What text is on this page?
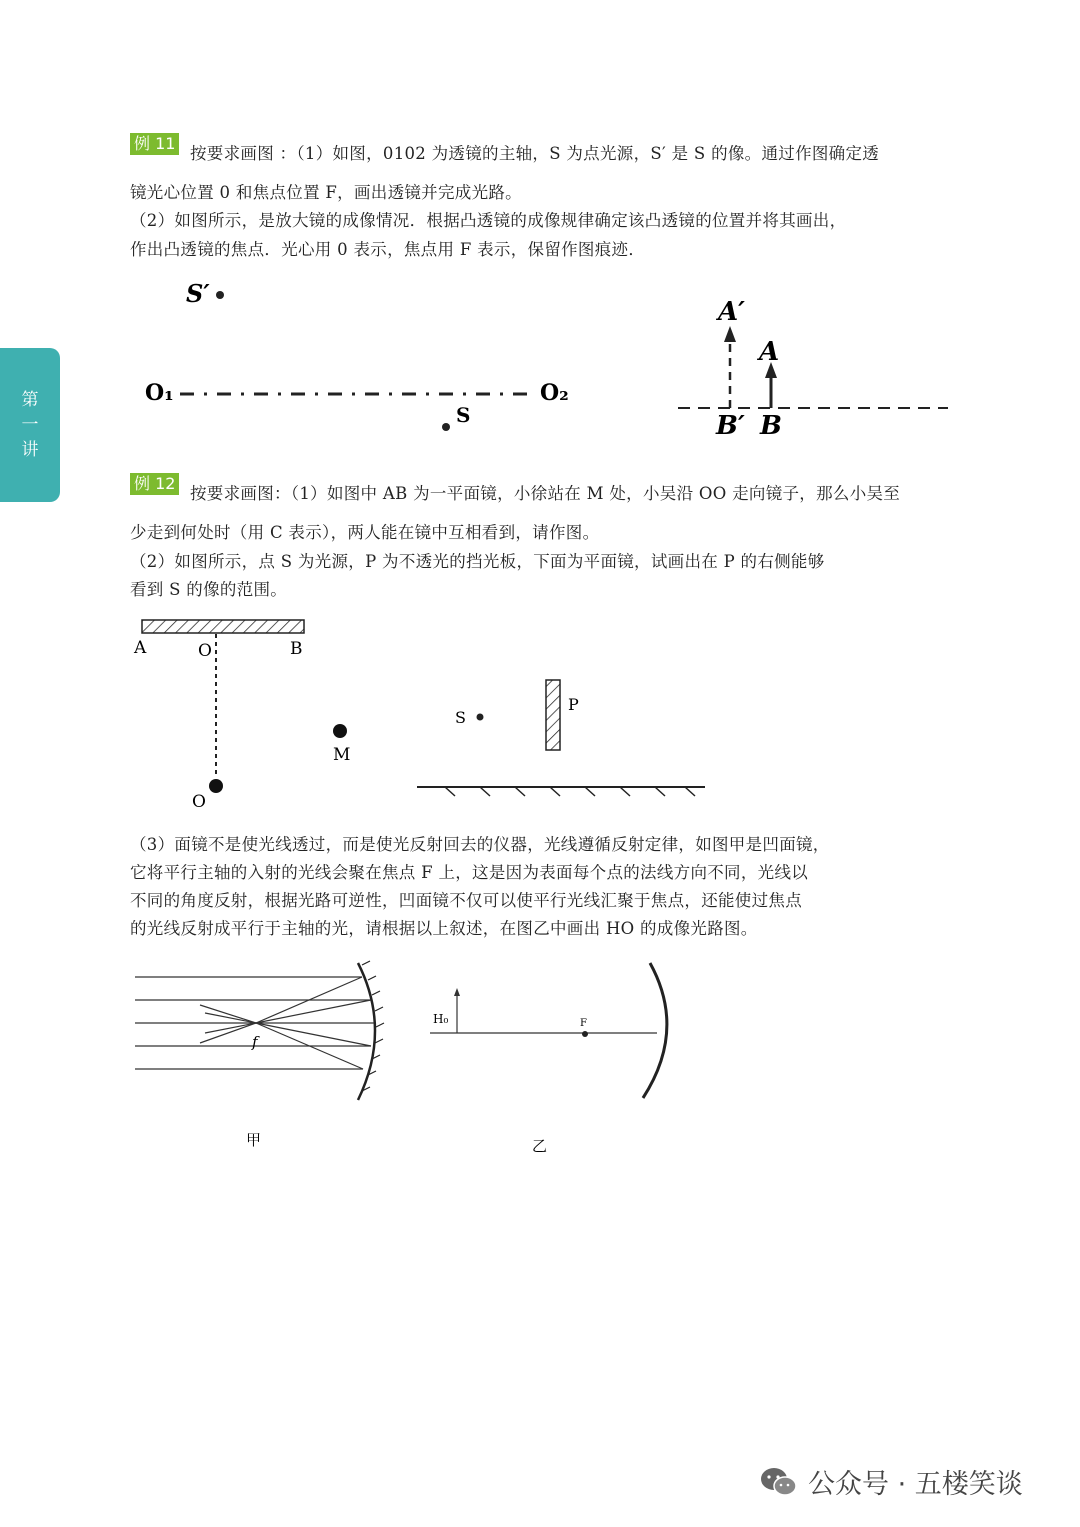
第
一
讲
例 11
按要求画图 ：（1）如图，0102 为透镜的主轴，S 为点光源，S′ 是 S 的像。通过作图确定透
镜光心位置 0 和焦点位置 F，画出透镜并完成光路。
（2）如图所示，是放大镜的成像情况．根据凸透镜的成像规律确定该凸透镜的位置并将其画出，
作出凸透镜的焦点．光心用 0 表示，焦点用 F 表示，保留作图痕迹．
S′
O₁	O₂
S
A′
A
B′ B
例 12
按要求画图：（1）如图中 AB 为一平面镜，小徐站在 M 处，小吴沿 OO 走向镜子，那么小吴至
少走到何处时（用 C 表示），两人能在镜中互相看到，请作图。
（2）如图所示，点 S 为光源，P 为不透光的挡光板，下面为平面镜，试画出在 P 的右侧能够
看到 S 的像的范围。
A	O	B
O
M
S
P
（3）面镜不是使光线透过，而是使光反射回去的仪器，光线遵循反射定律，如图甲是凹面镜，
它将平行主轴的入射的光线会聚在焦点 F 上，这是因为表面每个点的法线方向不同，光线以
不同的角度反射，根据光路可逆性，凹面镜不仅可以使平行光线汇聚于焦点，还能使过焦点
的光线反射成平行于主轴的光，请根据以上叙述，在图乙中画出 HO 的成像光路图。
f
甲
H₀	F
乙
公众号 · 五楼笑谈
